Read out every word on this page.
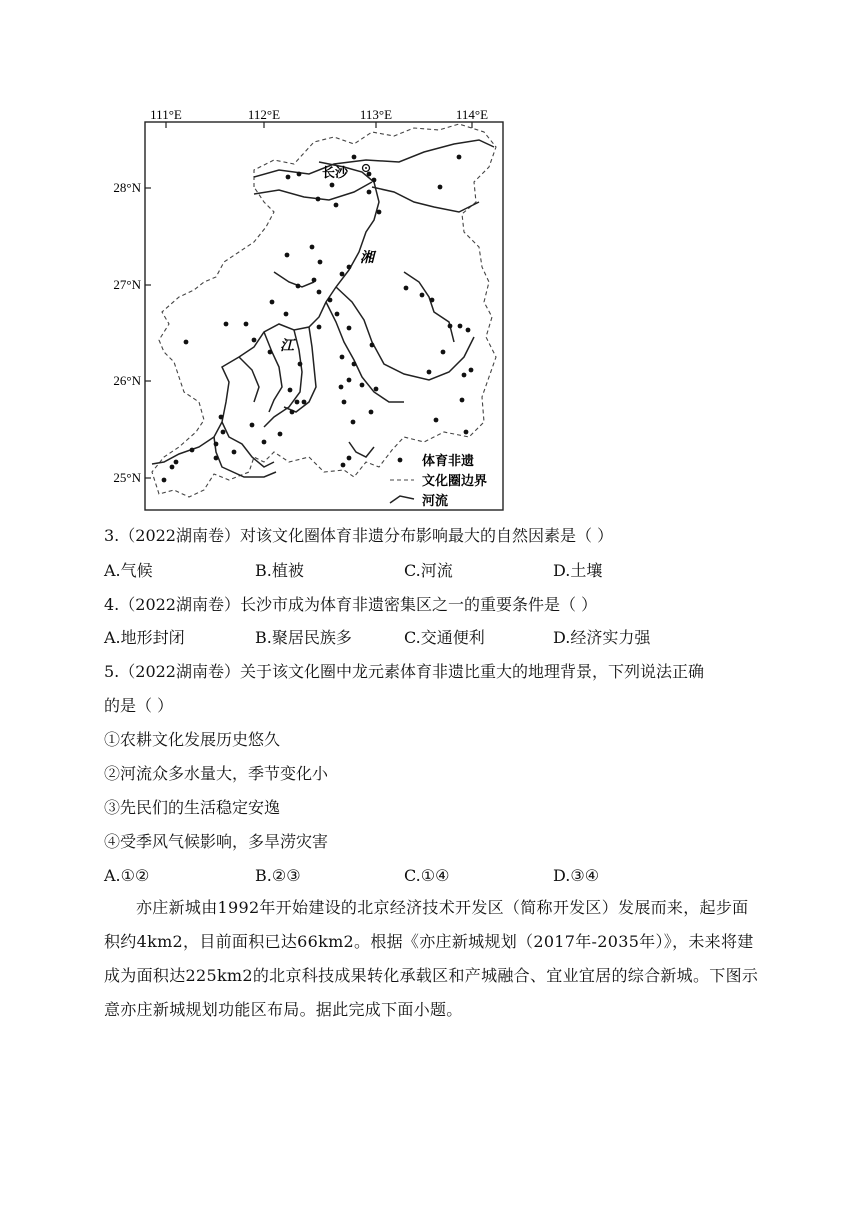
111°E	112°E	113°E	114°E
28°N
27°N
26°N
25°N
长沙
湘
江
体育非遗
文化圈边界
河流
3.（2022湖南卷）对该文化圈体育非遗分布影响最大的自然因素是（ ）
A.气候	B.植被	C.河流	D.土壤
4.（2022湖南卷）长沙市成为体育非遗密集区之一的重要条件是（ ）
A.地形封闭	B.聚居民族多	C.交通便利	D.经济实力强
5.（2022湖南卷）关于该文化圈中龙元素体育非遗比重大的地理背景，下列说法正确
的是（ ）
①农耕文化发展历史悠久
②河流众多水量大，季节变化小
③先民们的生活稳定安逸
④受季风气候影响，多旱涝灾害
A.①②	B.②③	C.①④	D.③④
亦庄新城由1992年开始建设的北京经济技术开发区（简称开发区）发展而来，起步面积约4km2，目前面积已达66km2。根据《亦庄新城规划（2017年-2035年）》，未来将建成为面积达225km2的北京科技成果转化承载区和产城融合、宜业宜居的综合新城。下图示意亦庄新城规划功能区布局。据此完成下面小题。
